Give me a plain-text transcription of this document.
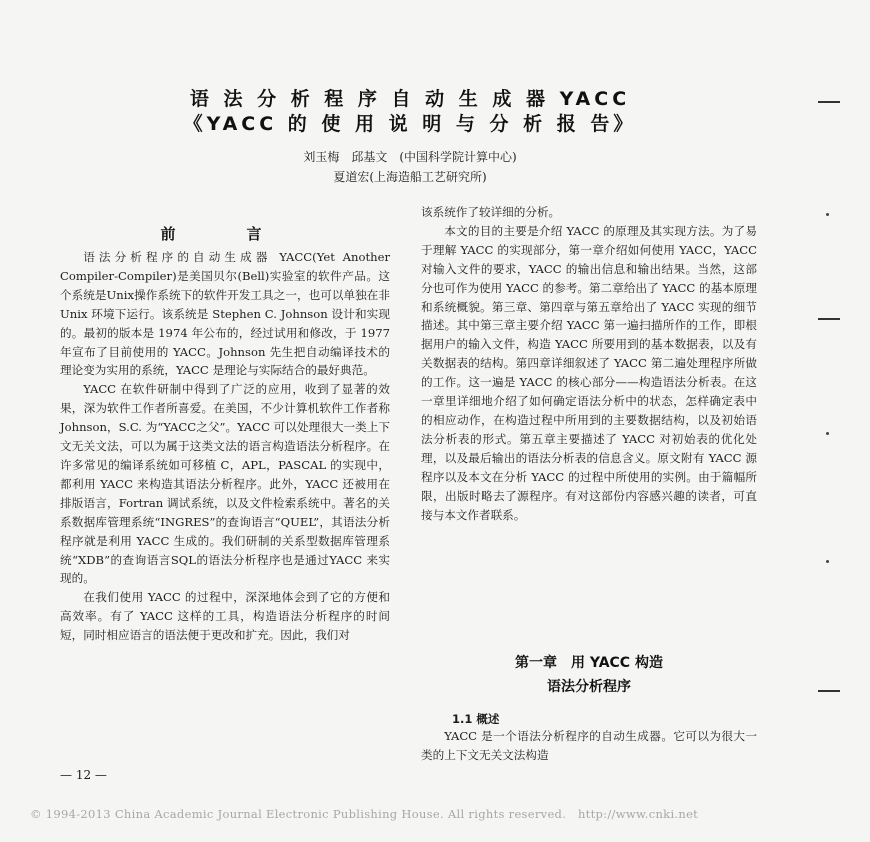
语 法 分 析 程 序 自 动 生 成 器 YACC
《YACC 的 使 用 说 明 与 分 析 报 告》
刘玉梅　邱基文　(中国科学院计算中心)
夏道宏(上海造船工艺研究所)
前　言

语法分析程序的自动生成器 YACC(Yet Another Compiler-Compiler)是美国贝尔(Bell)实验室的软件产品。这个系统是Unix操作系统下的软件开发工具之一，也可以单独在非 Unix 环境下运行。该系统是 Stephen C. Johnson 设计和实现的。最初的版本是 1974 年公布的，经过试用和修改，于 1977 年宣布了目前使用的 YACC。Johnson 先生把自动编译技术的理论变为实用的系统，YACC 是理论与实际结合的最好典范。

YACC 在软件研制中得到了广泛的应用，收到了显著的效果，深为软件工作者所喜爱。在美国，不少计算机软件工作者称 Johnson，S.C. 为“YACC之父”。YACC 可以处理很大一类上下文无关文法，可以为属于这类文法的语言构造语法分析程序。在许多常见的编译系统如可移植 C，APL，PASCAL 的实现中，都利用 YACC 来构造其语法分析程序。此外，YACC 还被用在排版语言，Fortran 调试系统，以及文件检索系统中。著名的关系数据库管理系统“INGRES”的查询语言“QUEL”，其语法分析程序就是利用 YACC 生成的。我们研制的关系型数据库管理系统“XDB”的查询语言SQL的语法分析程序也是通过YACC 来实现的。

在我们使用 YACC 的过程中，深深地体会到了它的方便和高效率。有了 YACC 这样的工具，构造语法分析程序的时间短，同时相应语言的语法便于更改和扩充。因此，我们对

该系统作了较详细的分析。

本文的目的主要是介绍 YACC 的原理及其实现方法。为了易于理解 YACC 的实现部分，第一章介绍如何使用 YACC，YACC 对输入文件的要求，YACC 的输出信息和输出结果。当然，这部分也可作为使用 YACC 的参考。第二章给出了 YACC 的基本原理和系统概貌。第三章、第四章与第五章给出了 YACC 实现的细节描述。其中第三章主要介绍 YACC 第一遍扫描所作的工作，即根据用户的输入文件，构造 YACC 所要用到的基本数据表，以及有关数据表的结构。第四章详细叙述了 YACC 第二遍处理程序所做的工作。这一遍是 YACC 的核心部分——构造语法分析表。在这一章里详细地介绍了如何确定语法分析中的状态，怎样确定表中的相应动作，在构造过程中所用到的主要数据结构，以及初始语法分析表的形式。第五章主要描述了 YACC 对初始表的优化处理，以及最后输出的语法分析表的信息含义。原文附有 YACC 源程序以及本文在分析 YACC 的过程中所使用的实例。由于篇幅所限，出版时略去了源程序。有对这部份内容感兴趣的读者，可直接与本文作者联系。

第一章　用 YACC 构造
语法分析程序
1.1 概述

YACC 是一个语法分析程序的自动生成器。它可以为很大一类的上下文无关文法构造

— 12 —
© 1994-2013 China Academic Journal Electronic Publishing House. All rights reserved.　http://www.cnki.net
